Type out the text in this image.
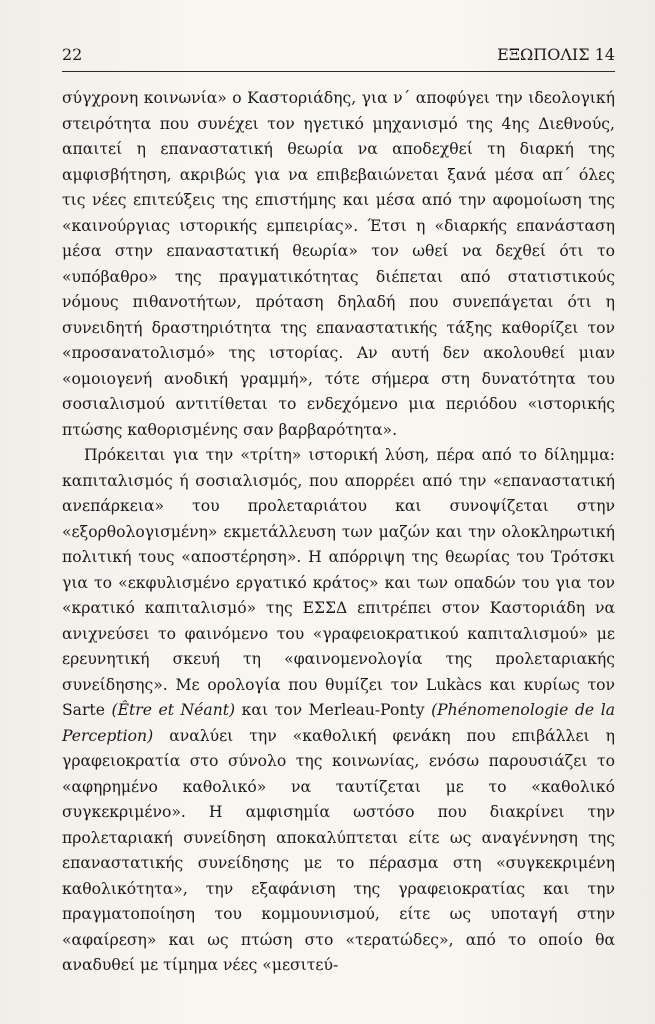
22	ΕΞΩΠΟΛΙΣ 14

σύγχρονη κοινωνία» ο Καστοριάδης, για ν΄ αποφύγει την ιδεολογική στειρότητα που συνέχει τον ηγετικό μηχανισμό της 4ης Διεθνούς, απαιτεί η επαναστατική θεωρία να αποδεχθεί τη διαρκή της αμφισβήτηση, ακριβώς για να επιβεβαιώνεται ξανά μέσα απ΄ όλες τις νέες επιτεύξεις της επιστήμης και μέσα από την αφομοίωση της «καινούργιας ιστορικής εμπειρίας». Έτσι η «διαρκής επανάσταση μέσα στην επαναστατική θεωρία» τον ωθεί να δεχθεί ότι το «υπόβαθρο» της πραγματικότητας διέπεται από στατιστικούς νόμους πιθανοτήτων, πρόταση δηλαδή που συνεπάγεται ότι η συνειδητή δραστηριότητα της επαναστατικής τάξης καθορίζει τον «προσανατολισμό» της ιστορίας. Αν αυτή δεν ακολουθεί μιαν «ομοιογενή ανοδική γραμμή», τότε σήμερα στη δυνατότητα του σοσιαλισμού αντιτίθεται το ενδεχόμενο μια περιόδου «ιστορικής πτώσης καθορισμένης σαν βαρβαρότητα».

Πρόκειται για την «τρίτη» ιστορική λύση, πέρα από το δίλημμα: καπιταλισμός ή σοσιαλισμός, που απορρέει από την «επαναστατική ανεπάρκεια» του προλεταριάτου και συνοψίζεται στην «εξορθολογισμένη» εκμετάλλευση των μαζών και την ολοκληρωτική πολιτική τους «αποστέρηση». Η απόρριψη της θεωρίας του Τρότσκι για το «εκφυλισμένο εργατικό κράτος» και των οπαδών του για τον «κρατικό καπιταλισμό» της ΕΣΣΔ επιτρέπει στον Καστοριάδη να ανιχνεύσει το φαινόμενο του «γραφειοκρατικού καπιταλισμού» με ερευνητική σκευή τη «φαινομενολογία της προλεταριακής συνείδησης». Με ορολογία που θυμίζει τον Lukàcs και κυρίως τον Sarte (Être et Néant) και τον Merleau-Ponty (Phénomenologie de la Perception) αναλύει την «καθολική φενάκη που επιβάλλει η γραφειοκρατία στο σύνολο της κοινωνίας, ενόσω παρουσιάζει το «αφηρημένο καθολικό» να ταυτίζεται με το «καθολικό συγκεκριμένο». Η αμφισημία ωστόσο που διακρίνει την προλεταριακή συνείδηση αποκαλύπτεται είτε ως αναγέννηση της επαναστατικής συνείδησης με το πέρασμα στη «συγκεκριμένη καθολικότητα», την εξαφάνιση της γραφειοκρατίας και την πραγματοποίηση του κομμουνισμού, είτε ως υποταγή στην «αφαίρεση» και ως πτώση στο «τερατώδες», από το οποίο θα αναδυθεί με τίμημα νέες «μεσιτεύ-
